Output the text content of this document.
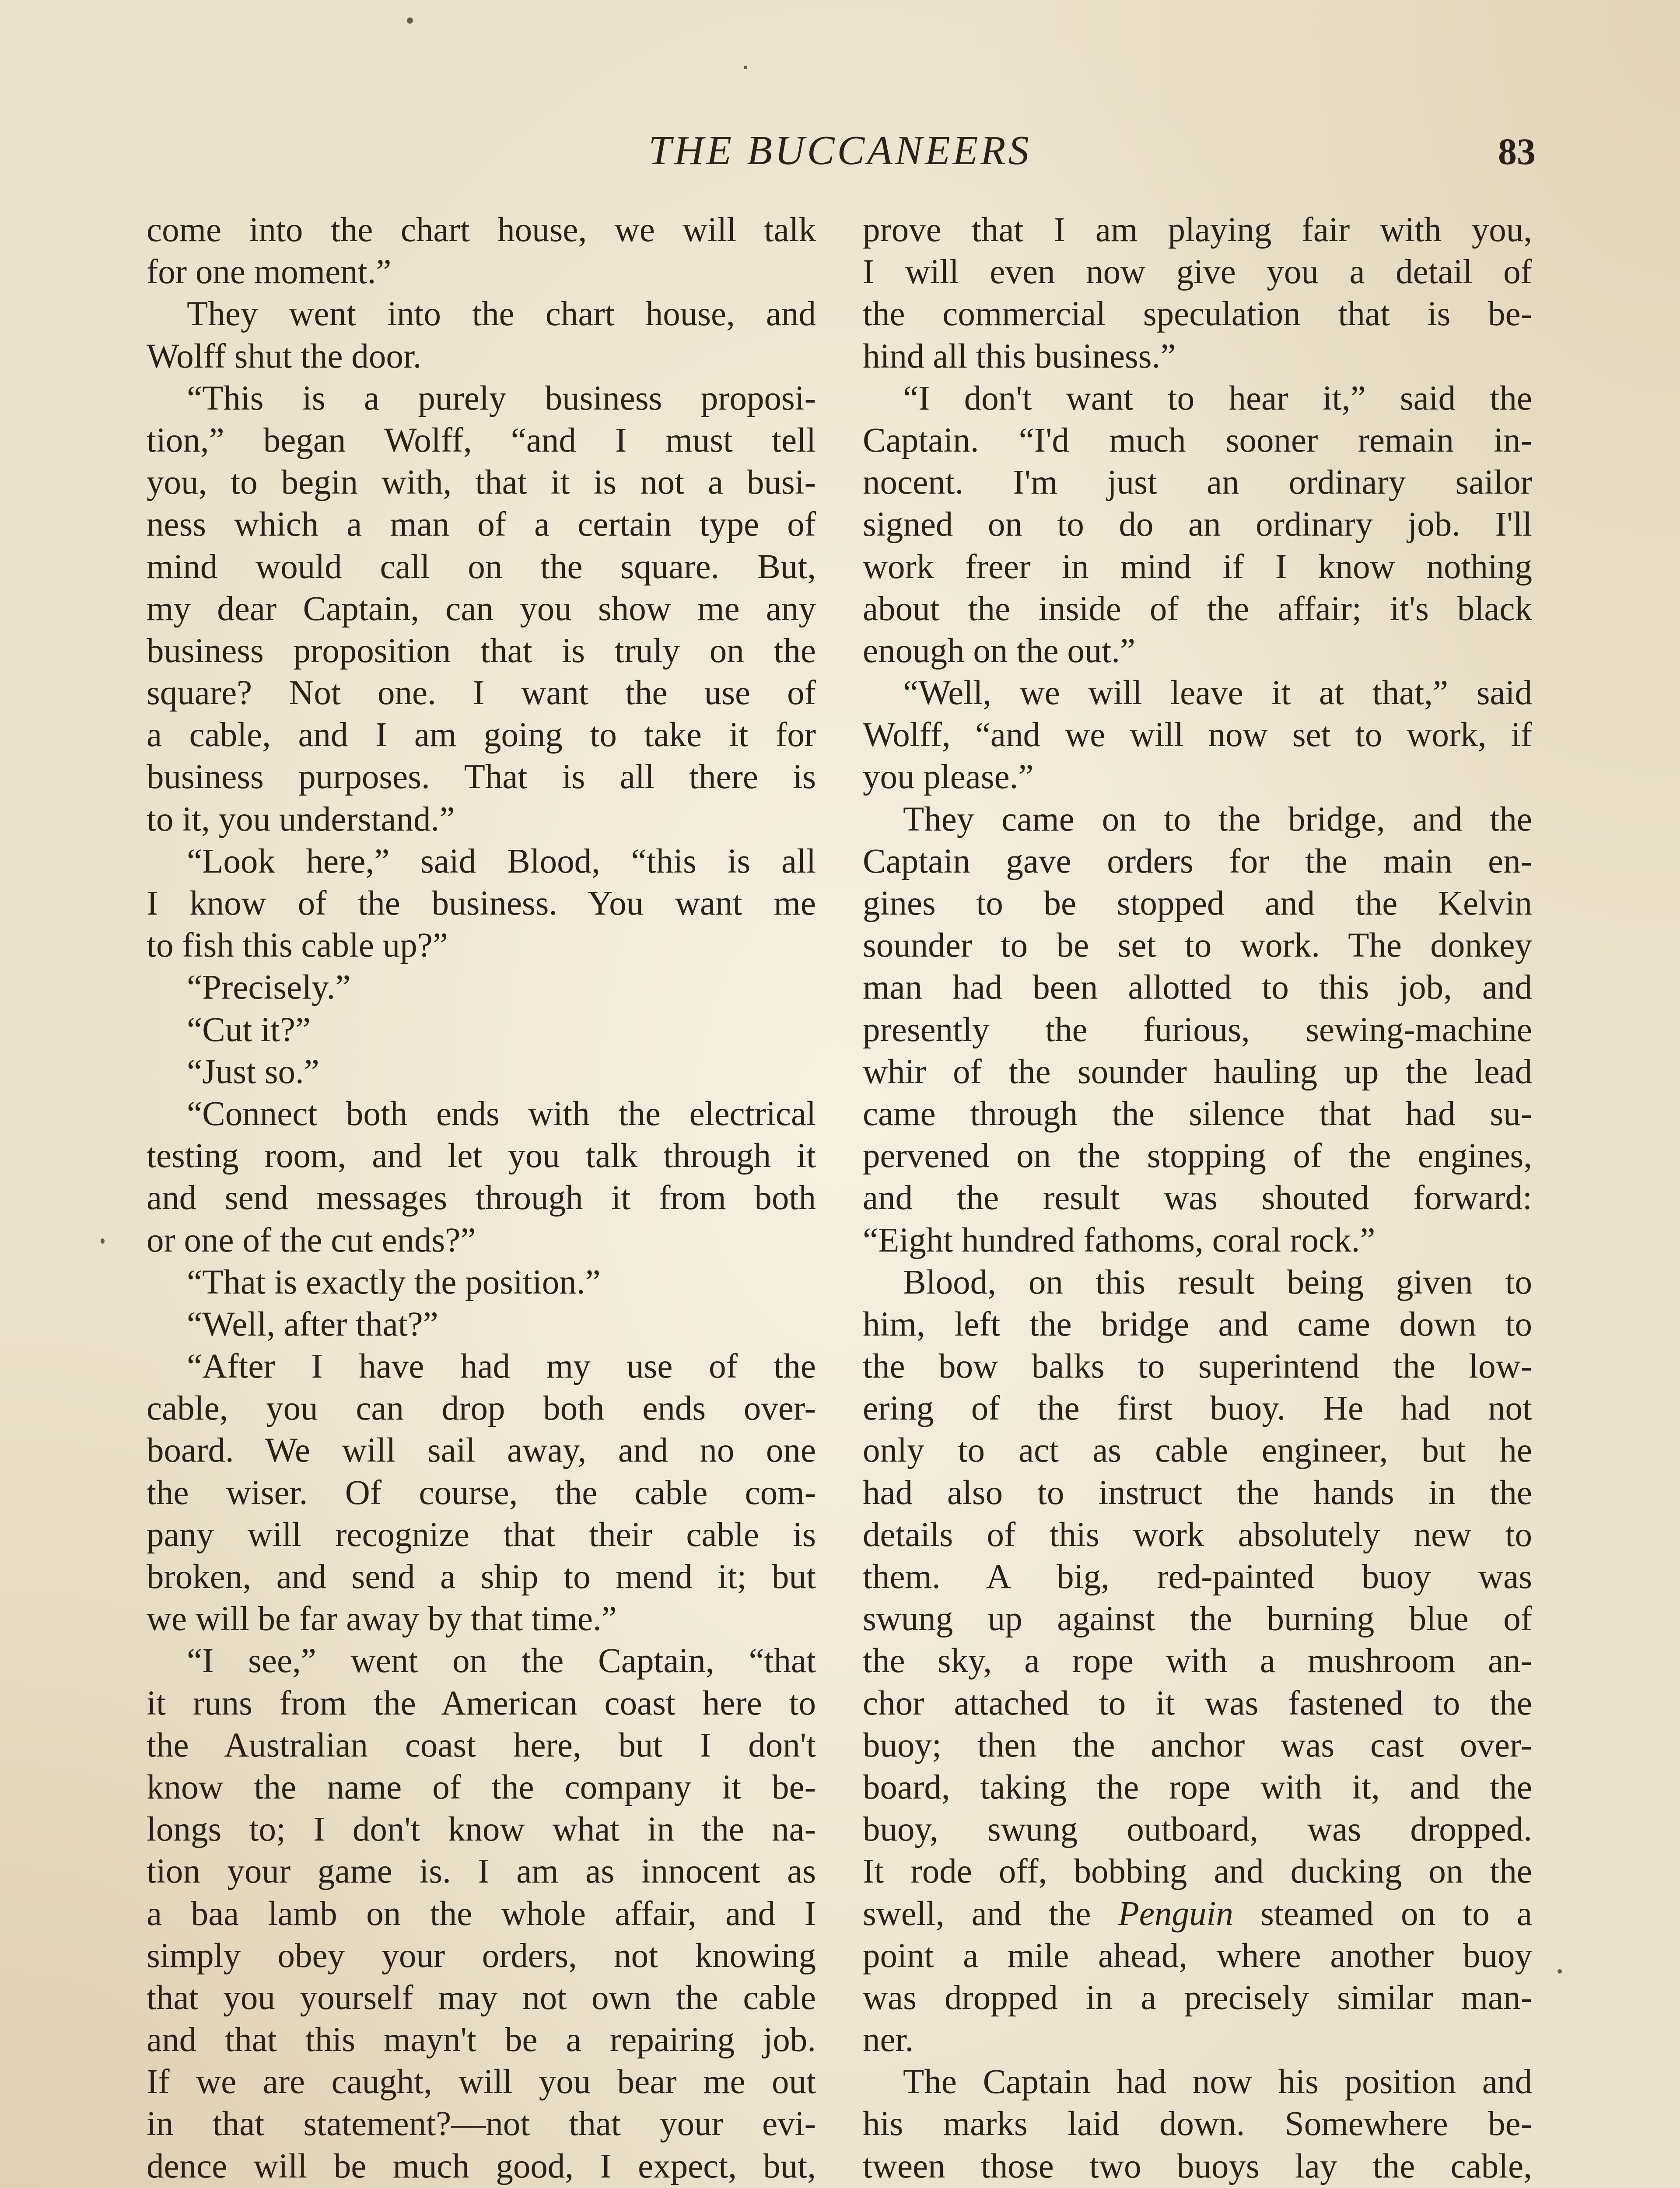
THE BUCCANEERS	83
come into the chart house, we will talk
for one moment.”
They went into the chart house, and
Wolff shut the door.
“This is a purely business proposi-
tion,” began Wolff, “and I must tell
you, to begin with, that it is not a busi-
ness which a man of a certain type of
mind would call on the square. But,
my dear Captain, can you show me any
business proposition that is truly on the
square? Not one. I want the use of
a cable, and I am going to take it for
business purposes. That is all there is
to it, you understand.”
“Look here,” said Blood, “this is all
I know of the business. You want me
to fish this cable up?”
“Precisely.”
“Cut it?”
“Just so.”
“Connect both ends with the electrical
testing room, and let you talk through it
and send messages through it from both
or one of the cut ends?”
“That is exactly the position.”
“Well, after that?”
“After I have had my use of the
cable, you can drop both ends over-
board. We will sail away, and no one
the wiser. Of course, the cable com-
pany will recognize that their cable is
broken, and send a ship to mend it; but
we will be far away by that time.”
“I see,” went on the Captain, “that
it runs from the American coast here to
the Australian coast here, but I don't
know the name of the company it be-
longs to; I don't know what in the na-
tion your game is. I am as innocent as
a baa lamb on the whole affair, and I
simply obey your orders, not knowing
that you yourself may not own the cable
and that this mayn't be a repairing job.
If we are caught, will you bear me out
in that statement?—not that your evi-
dence will be much good, I expect, but,
prove that I am playing fair with you,
I will even now give you a detail of
the commercial speculation that is be-
hind all this business.”
“I don't want to hear it,” said the
Captain. “I'd much sooner remain in-
nocent. I'm just an ordinary sailor
signed on to do an ordinary job. I'll
work freer in mind if I know nothing
about the inside of the affair; it's black
enough on the out.”
“Well, we will leave it at that,” said
Wolff, “and we will now set to work, if
you please.”
They came on to the bridge, and the
Captain gave orders for the main en-
gines to be stopped and the Kelvin
sounder to be set to work. The donkey
man had been allotted to this job, and
presently the furious, sewing-machine
whir of the sounder hauling up the lead
came through the silence that had su-
pervened on the stopping of the engines,
and the result was shouted forward:
“Eight hundred fathoms, coral rock.”
Blood, on this result being given to
him, left the bridge and came down to
the bow balks to superintend the low-
ering of the first buoy. He had not
only to act as cable engineer, but he
had also to instruct the hands in the
details of this work absolutely new to
them. A big, red-painted buoy was
swung up against the burning blue of
the sky, a rope with a mushroom an-
chor attached to it was fastened to the
buoy; then the anchor was cast over-
board, taking the rope with it, and the
buoy, swung outboard, was dropped.
It rode off, bobbing and ducking on the
swell, and the Penguin steamed on to a
point a mile ahead, where another buoy
was dropped in a precisely similar man-
ner.
The Captain had now his position and
his marks laid down. Somewhere be-
tween those two buoys lay the cable,
